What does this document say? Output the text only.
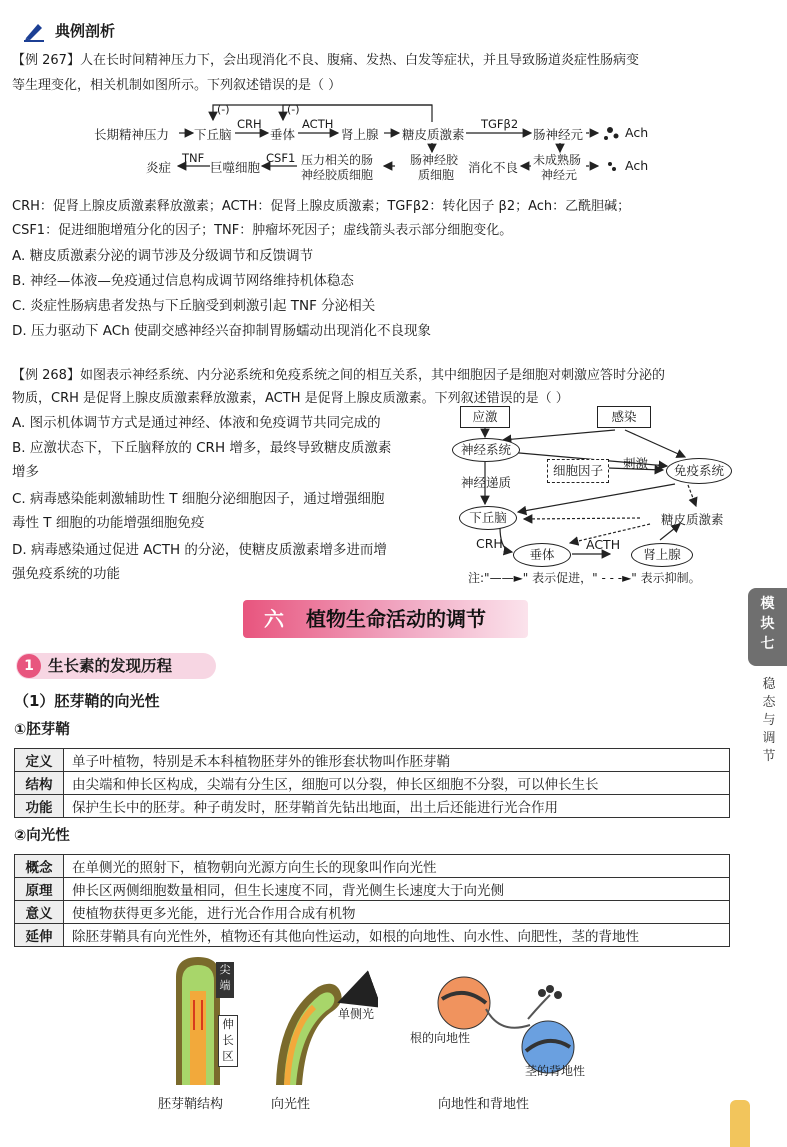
典例剖析
【例 267】人在长时间精神压力下，会出现消化不良、腹痛、发热、白发等症状，并且导致肠道炎症性肠病变
等生理变化，相关机制如图所示。下列叙述错误的是（ ）
长期精神压力 下丘脑	垂体	肾上腺 糖皮质激素	肠神经元	Ach
CRH	ACTH	TGFβ2
(-)	(-)
炎症
TNF
巨噬细胞
CSF1 压力相关的肠
神经胶质细胞
肠神经胶
质细胞 消化不良 未成熟肠
神经元
Ach
CRH：促肾上腺皮质激素释放激素；ACTH：促肾上腺皮质激素；TGFβ2：转化因子 β2；Ach：乙酰胆碱；
CSF1：促进细胞增殖分化的因子；TNF：肿瘤坏死因子；虚线箭头表示部分细胞变化。
A. 糖皮质激素分泌的调节涉及分级调节和反馈调节
B. 神经—体液—免疫通过信息构成调节网络维持机体稳态
C. 炎症性肠病患者发热与下丘脑受到刺激引起 TNF 分泌相关
D. 压力驱动下 ACh 使副交感神经兴奋抑制胃肠蠕动出现消化不良现象
【例 268】如图表示神经系统、内分泌系统和免疫系统之间的相互关系，其中细胞因子是细胞对刺激应答时分泌的
物质，CRH 是促肾上腺皮质激素释放激素，ACTH 是促肾上腺皮质激素。下列叙述错误的是（ ）
A. 图示机体调节方式是通过神经、体液和免疫调节共同完成的
B. 应激状态下，下丘脑释放的 CRH 增多，最终导致糖皮质激素
增多
C. 病毒感染能刺激辅助性 T 细胞分泌细胞因子，通过增强细胞
毒性 T 细胞的功能增强细胞免疫
D. 病毒感染通过促进 ACTH 的分泌，使糖皮质激素增多进而增
强免疫系统的功能
应激	感染
神经系统
神经递质
细胞因子	刺激	免疫系统
下丘脑	糖皮质激素
CRH	ACTH
垂体	肾上腺
注:"——►" 表示促进，" - - -►" 表示抑制。
六	植物生命活动的调节
1 生长素的发现历程
（1）胚芽鞘的向光性
①胚芽鞘
定义	单子叶植物，特别是禾本科植物胚芽外的锥形套状物叫作胚芽鞘
结构	由尖端和伸长区构成，尖端有分生区，细胞可以分裂，伸长区细胞不分裂，可以伸长生长
功能	保护生长中的胚芽。种子萌发时，胚芽鞘首先钻出地面，出土后还能进行光合作用
②向光性
概念	在单侧光的照射下，植物朝向光源方向生长的现象叫作向光性
原理	伸长区两侧细胞数量相同，但生长速度不同，背光侧生长速度大于向光侧
意义	使植物获得更多光能，进行光合作用合成有机物
延伸	除胚芽鞘具有向光性外，植物还有其他向性运动，如根的向地性、向水性、向肥性，茎的背地性
尖端
伸长区
单侧光
根的向地性
茎的背地性
胚芽鞘结构	向光性	向地性和背地性
模块七
稳态与调节
